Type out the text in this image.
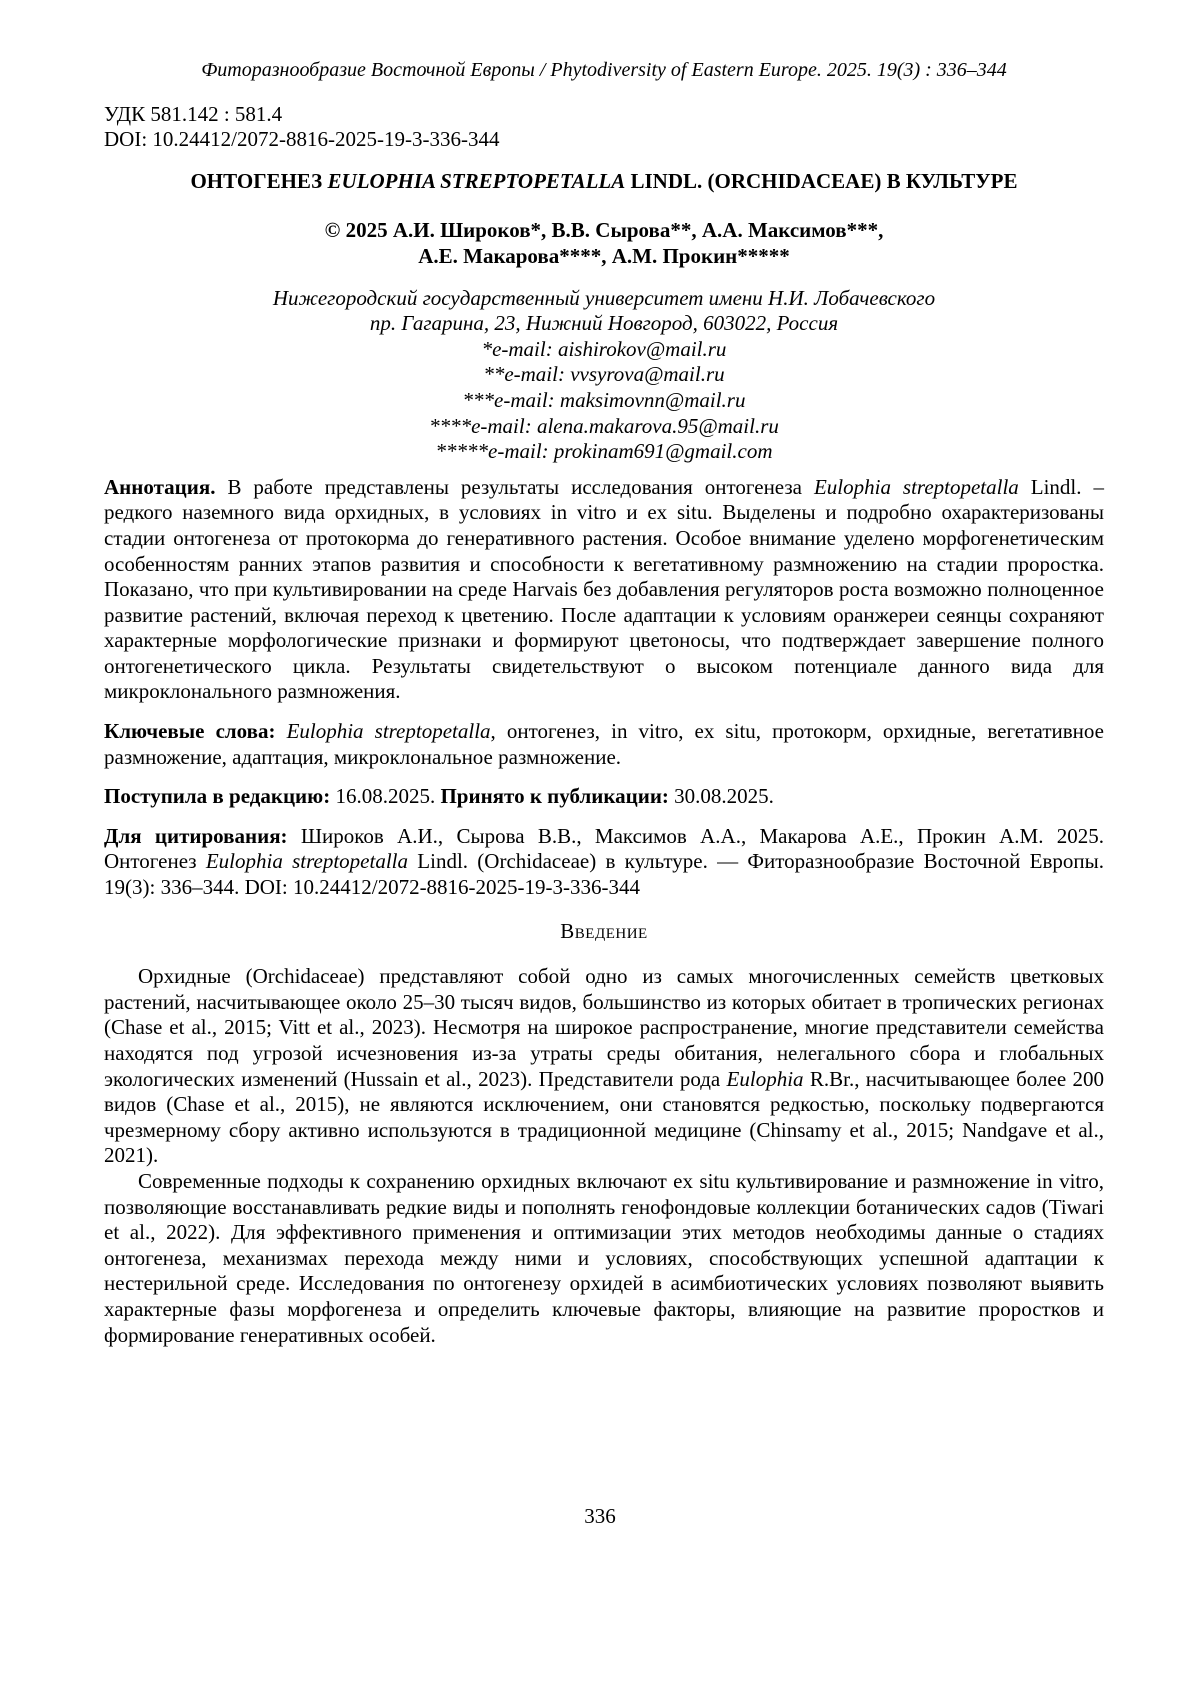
Фиторазнообразие Восточной Европы / Phytodiversity of Eastern Europe. 2025. 19(3) : 336–344
УДК 581.142 : 581.4
DOI: 10.24412/2072-8816-2025-19-3-336-344
ОНТОГЕНЕЗ EULOPHIA STREPTOPETALLA LINDL. (ORCHIDACEAE) В КУЛЬТУРЕ
© 2025 А.И. Широков*, В.В. Сырова**, А.А. Максимов***,
А.Е. Макарова****, А.М. Прокин*****
Нижегородский государственный университет имени Н.И. Лобачевского
пр. Гагарина, 23, Нижний Новгород, 603022, Россия
*e-mail: aishirokov@mail.ru
**e-mail: vvsyrova@mail.ru
***e-mail: maksimovnn@mail.ru
****e-mail: alena.makarova.95@mail.ru
*****e-mail: prokinam691@gmail.com

Аннотация. В работе представлены результаты исследования онтогенеза Eulophia streptopetalla Lindl. – редкого наземного вида орхидных, в условиях in vitro и ex situ. Выделены и подробно охарактеризованы стадии онтогенеза от протокорма до генеративного растения. Особое внимание уделено морфогенетическим особенностям ранних этапов развития и способности к вегетативному размножению на стадии проростка. Показано, что при культивировании на среде Harvais без добавления регуляторов роста возможно полноценное развитие растений, включая переход к цветению. После адаптации к условиям оранжереи сеянцы сохраняют характерные морфологические признаки и формируют цветоносы, что подтверждает завершение полного онтогенетического цикла. Результаты свидетельствуют о высоком потенциале данного вида для микроклонального размножения.

Ключевые слова: Eulophia streptopetalla, онтогенез, in vitro, ex situ, протокорм, орхидные, вегетативное размножение, адаптация, микроклональное размножение.

Поступила в редакцию: 16.08.2025. Принято к публикации: 30.08.2025.

Для цитирования: Широков А.И., Сырова В.В., Максимов А.А., Макарова А.Е., Прокин А.М. 2025. Онтогенез Eulophia streptopetalla Lindl. (Orchidaceae) в культуре. — Фиторазнообразие Восточной Европы. 19(3): 336–344. DOI: 10.24412/2072-8816-2025-19-3-336-344

Введение

Орхидные (Orchidaceae) представляют собой одно из самых многочисленных семейств цветковых растений, насчитывающее около 25–30 тысяч видов, большинство из которых обитает в тропических регионах (Chase et al., 2015; Vitt et al., 2023). Несмотря на широкое распространение, многие представители семейства находятся под угрозой исчезновения из-за утраты среды обитания, нелегального сбора и глобальных экологических изменений (Hussain et al., 2023). Представители рода Eulophia R.Br., насчитывающее более 200 видов (Chase et al., 2015), не являются исключением, они становятся редкостью, поскольку подвергаются чрезмерному сбору активно используются в традиционной медицине (Chinsamy et al., 2015; Nandgave et al., 2021).

Современные подходы к сохранению орхидных включают ex situ культивирование и размножение in vitro, позволяющие восстанавливать редкие виды и пополнять генофондовые коллекции ботанических садов (Tiwari et al., 2022). Для эффективного применения и оптимизации этих методов необходимы данные о стадиях онтогенеза, механизмах перехода между ними и условиях, способствующих успешной адаптации к нестерильной среде. Исследования по онтогенезу орхидей в асимбиотических условиях позволяют выявить характерные фазы морфогенеза и определить ключевые факторы, влияющие на развитие проростков и формирование генеративных особей.

336
